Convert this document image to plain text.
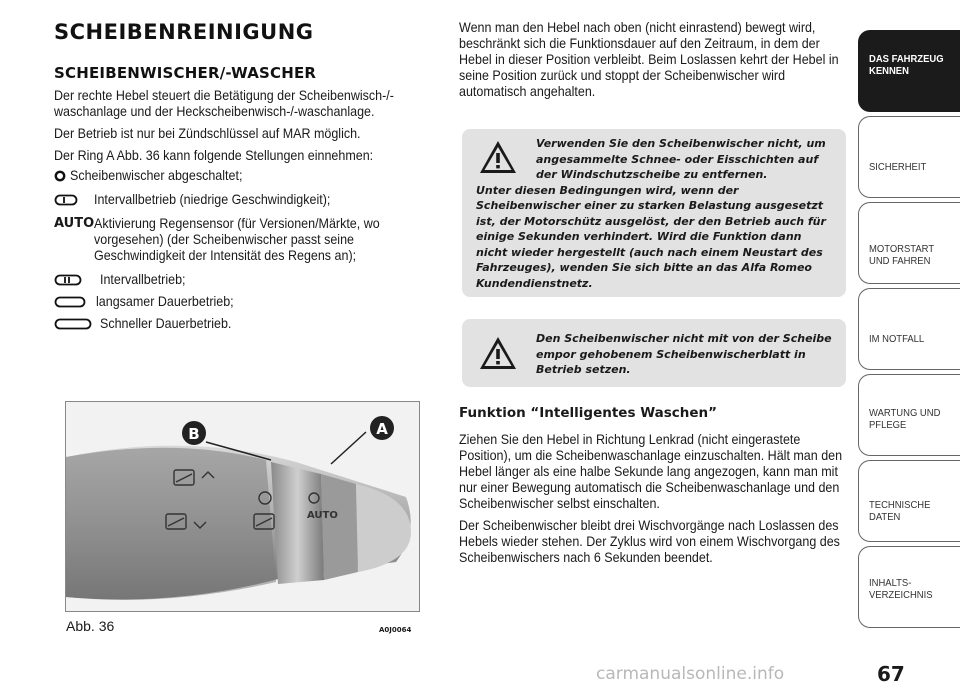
SCHEIBENREINIGUNG
SCHEIBENWISCHER/-WASCHER
Der rechte Hebel steuert die Betätigung der Scheibenwisch-/-
waschanlage und der Heckscheibenwisch-/-waschanlage.
Der Betrieb ist nur bei Zündschlüssel auf MAR möglich.
Der Ring A Abb. 36 kann folgende Stellungen einnehmen:
Scheibenwischer abgeschaltet;
Intervallbetrieb (niedrige Geschwindigkeit);
AUTO Aktivierung Regensensor (für Versionen/Märkte, wo vorgesehen) (der Scheibenwischer passt seine Geschwindigkeit der Intensität des Regens an);
Intervallbetrieb;
langsamer Dauerbetrieb;
Schneller Dauerbetrieb.
AUTO
B	A
Abb. 36	A0J0064

Wenn man den Hebel nach oben (nicht einrastend) bewegt wird, beschränkt sich die Funktionsdauer auf den Zeitraum, in dem der Hebel in dieser Position verbleibt. Beim Loslassen kehrt der Hebel in seine Position zurück und stoppt der Scheibenwischer wird automatisch angehalten.

Verwenden Sie den Scheibenwischer nicht, um angesammelte Schnee- oder Eisschichten auf der Windschutzscheibe zu entfernen.
Unter diesen Bedingungen wird, wenn der Scheibenwischer einer zu starken Belastung ausgesetzt ist, der Motorschütz ausgelöst, der den Betrieb auch für einige Sekunden verhindert. Wird die Funktion dann nicht wieder hergestellt (auch nach einem Neustart des Fahrzeuges), wenden Sie sich bitte an das Alfa Romeo Kundendienstnetz.
Den Scheibenwischer nicht mit von der Scheibe empor gehobenem Scheibenwischerblatt in Betrieb setzen.
Funktion “Intelligentes Waschen”

Ziehen Sie den Hebel in Richtung Lenkrad (nicht eingerastete Position), um die Scheibenwaschanlage einzuschalten. Hält man den Hebel länger als eine halbe Sekunde lang angezogen, kann man mit nur einer Bewegung automatisch die Scheibenwaschanlage und den Scheibenwischer selbst einschalten.

Der Scheibenwischer bleibt drei Wischvorgänge nach Loslassen des Hebels wieder stehen. Der Zyklus wird von einem Wischvorgang des Scheibenwischers nach 6 Sekunden beendet.

DAS FAHRZEUG KENNEN
SICHERHEIT
MOTORSTART UND FAHREN
IM NOTFALL
WARTUNG UND PFLEGE
TECHNISCHE DATEN
INHALTS-VERZEICHNIS
67
carmanualsonline.info
